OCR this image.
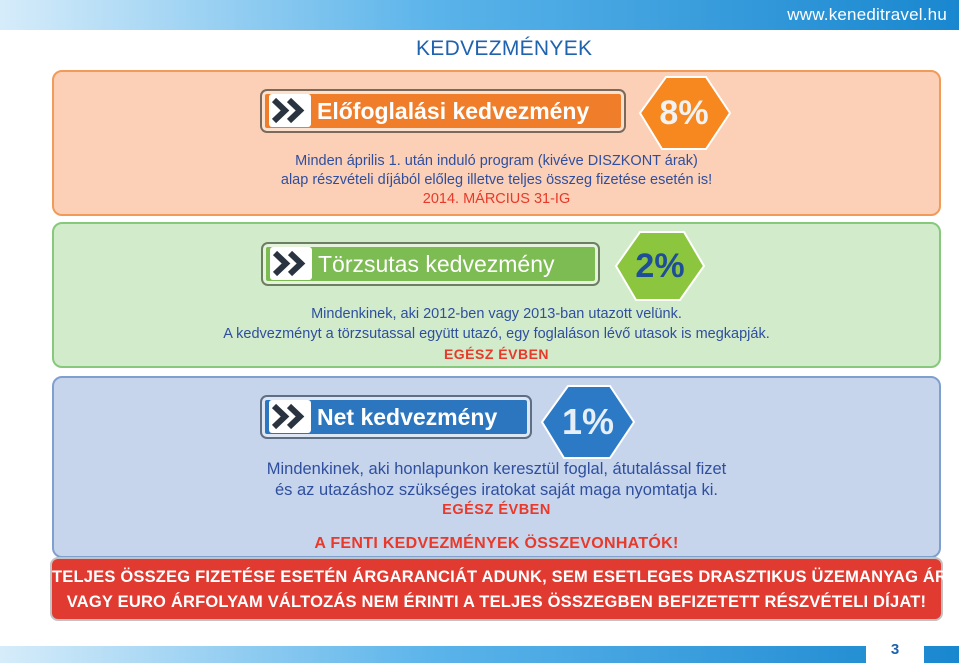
www.keneditravel.hu
KEDVEZMÉNYEK
Előfoglalási kedvezmény	8%
Minden április 1. után induló program (kivéve DISZKONT árak)
alap részvételi díjából előleg illetve teljes összeg fizetése esetén is!
2014. MÁRCIUS 31-IG
Törzsutas kedvezmény	2%
Mindenkinek, aki 2012-ben vagy 2013-ban utazott velünk.
A kedvezményt a törzsutassal együtt utazó, egy foglaláson lévő utasok is megkapják.
EGÉSZ ÉVBEN
Net kedvezmény	1%
Mindenkinek, aki honlapunkon keresztül foglal, átutalással fizet
és az utazáshoz szükséges iratokat saját maga nyomtatja ki.
EGÉSZ ÉVBEN
A FENTI KEDVEZMÉNYEK ÖSSZEVONHATÓK!
TELJES ÖSSZEG FIZETÉSE ESETÉN ÁRGARANCIÁT ADUNK, SEM ESETLEGES DRASZTIKUS ÜZEMANYAG ÁR
VAGY EURO ÁRFOLYAM VÁLTOZÁS NEM ÉRINTI A TELJES ÖSSZEGBEN BEFIZETETT RÉSZVÉTELI DÍJAT!
3
